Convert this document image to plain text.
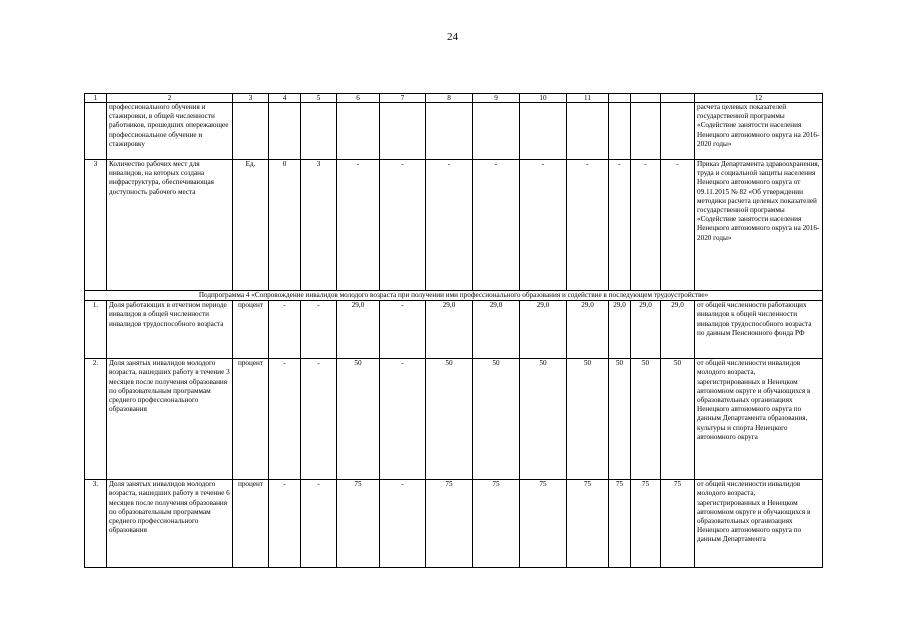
24
1	2	3	4	5	6	7	8	9	10	11				12
	профессионального обучения и стажировки, в общей численности работников, прошедших опережающее профессиональное обучение и стажировку													расчета целевых показателей государственной программы «Содействие занятости населения Ненецкого автономного округа на 2016-2020 годы»
3	Количество рабочих мест для инвалидов, на которых создана инфраструктура, обеспечивающая доступность рабочего места	Ед.	0	3	-	-	-	-	-	-	-	-	-	Приказ Департамента здравоохранения, труда и социальной защиты населения Ненецкого автономного округа от 09.11.2015 № 82 «Об утверждении методики расчета целевых показателей государственной программы «Содействие занятости населения Ненецкого автономного округа на 2016-2020 годы»
Подпрограмма 4 «Сопровождение инвалидов молодого возраста при получении ими профессионального образования и содействие в последующем трудоустройстве»														
1.	Доля работающих в отчетном периоде инвалидов в общей численности инвалидов трудоспособного возраста	процент	-	-	29,0	-	29,0	29,0	29,0	29,0	29,0	29,0	29,0	от общей численности работающих инвалидов к общей численности инвалидов трудоспособного возраста по данным Пенсионного фонда РФ
2.	Доля занятых инвалидов молодого возраста, нашедших работу в течение 3 месяцев после получения образования по образовательным программам среднего профессионального образования	процент	-	-	50	-	50	50	50	50	50	50	50	от общей численности инвалидов молодого возраста, зарегистрированных в Ненецком автономном округе и обучающихся в образовательных организациях Ненецкого автономного округа по данным Департамента образования, культуры и спорта Ненецкого автономного округа
3.	Доля занятых инвалидов молодого возраста, нашедших работу в течение 6 месяцев после получения образования по образовательным программам среднего профессионального образования	процент	-	-	75	-	75	75	75	75	75	75	75	от общей численности инвалидов молодого возраста, зарегистрированных в Ненецком автономном округе и обучающихся в образовательных организациях Ненецкого автономного округа по данным Департамента
